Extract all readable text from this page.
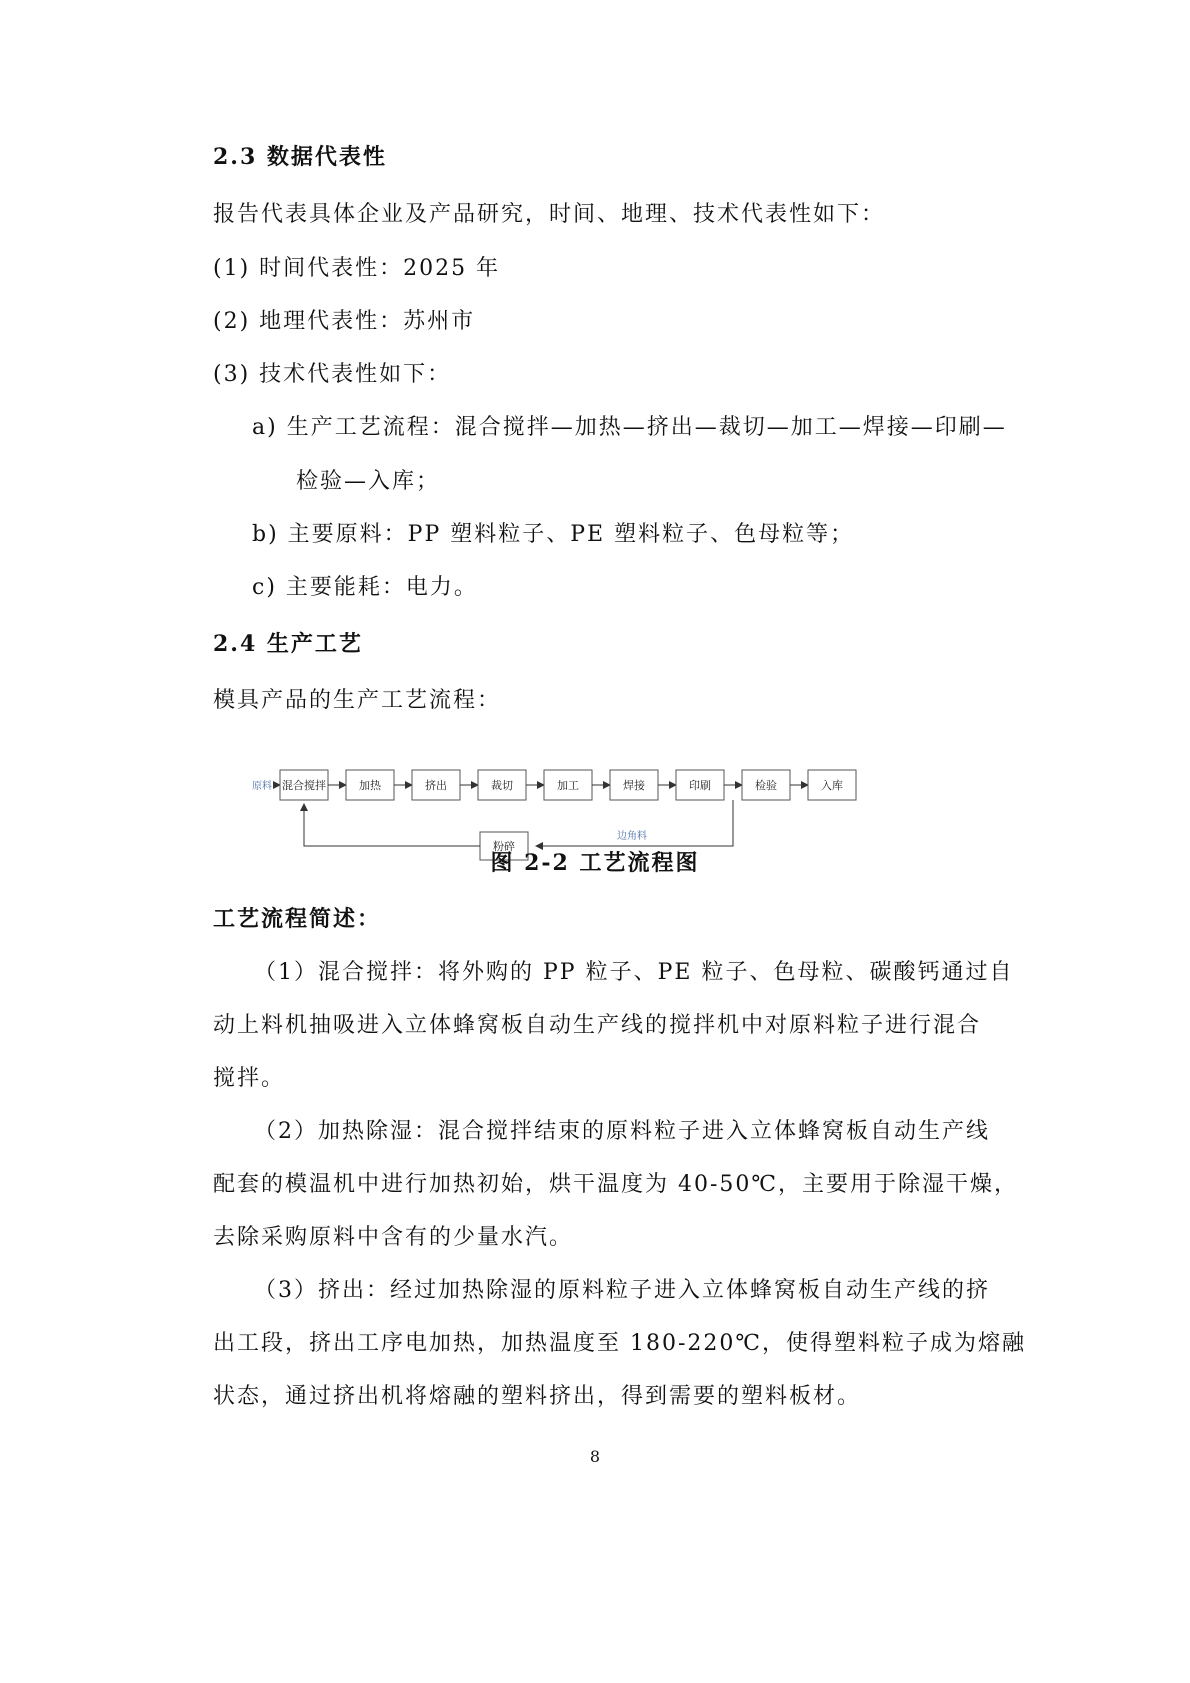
2.3 数据代表性
报告代表具体企业及产品研究，时间、地理、技术代表性如下：
(1) 时间代表性：2025 年
(2) 地理代表性：苏州市
(3) 技术代表性如下：
a) 生产工艺流程：混合搅拌—加热—挤出—裁切—加工—焊接—印刷—
检验—入库；
b) 主要原料：PP 塑料粒子、PE 塑料粒子、色母粒等；
c) 主要能耗：电力。
2.4 生产工艺
模具产品的生产工艺流程：
原料 混合搅拌	加热	挤出	裁切	加工	焊接	印刷	检验	入库
粉碎
边角料
图 2-2 工艺流程图
工艺流程简述：
（1）混合搅拌：将外购的 PP 粒子、PE 粒子、色母粒、碳酸钙通过自
动上料机抽吸进入立体蜂窝板自动生产线的搅拌机中对原料粒子进行混合
搅拌。
（2）加热除湿：混合搅拌结束的原料粒子进入立体蜂窝板自动生产线
配套的模温机中进行加热初始，烘干温度为 40-50℃，主要用于除湿干燥，
去除采购原料中含有的少量水汽。
（3）挤出：经过加热除湿的原料粒子进入立体蜂窝板自动生产线的挤
出工段，挤出工序电加热，加热温度至 180-220℃，使得塑料粒子成为熔融
状态，通过挤出机将熔融的塑料挤出，得到需要的塑料板材。
8
